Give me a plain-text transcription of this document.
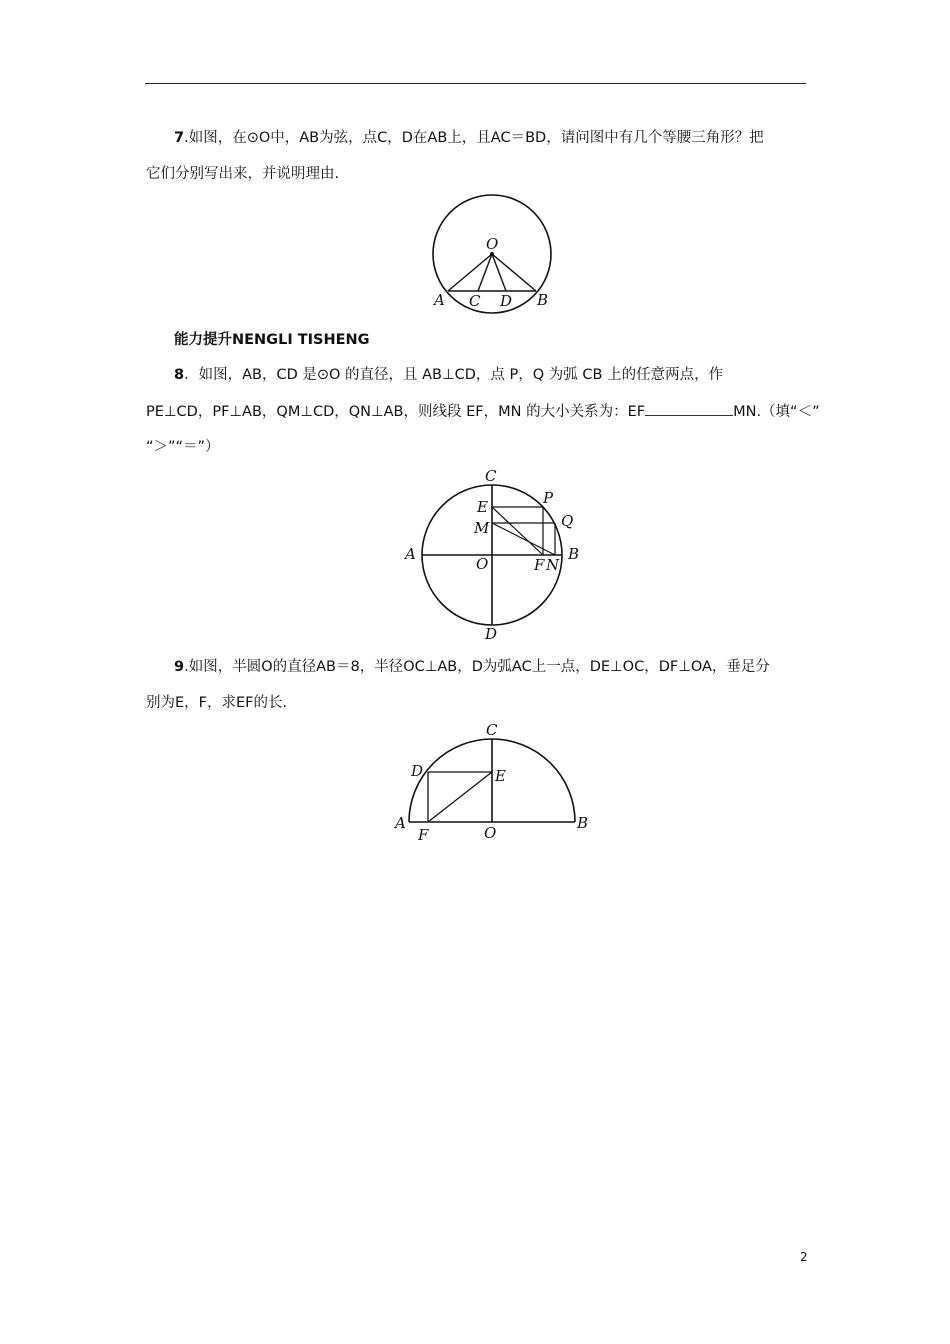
7.如图，在⊙O中，AB为弦，点C，D在AB上，且AC＝BD，请问图中有几个等腰三角形？把
它们分别写出来，并说明理由.
O
A C D B
能力提升NENGLI TISHENG
8．如图，AB，CD 是⊙O 的直径，且 AB⊥CD，点 P，Q 为弧 CB 上的任意两点，作
PE⊥CD，PF⊥AB，QM⊥CD，QN⊥AB，则线段 EF，MN 的大小关系为：EF	MN.（填“＜”
“＞”“＝”）
C
P
E
Q
M
A
O	F N
B
D
9.如图，半圆O的直径AB＝8，半径OC⊥AB，D为弧AC上一点，DE⊥OC，DF⊥OA，垂足分
别为E，F，求EF的长.
C
D	E
A
F	O
B
2
